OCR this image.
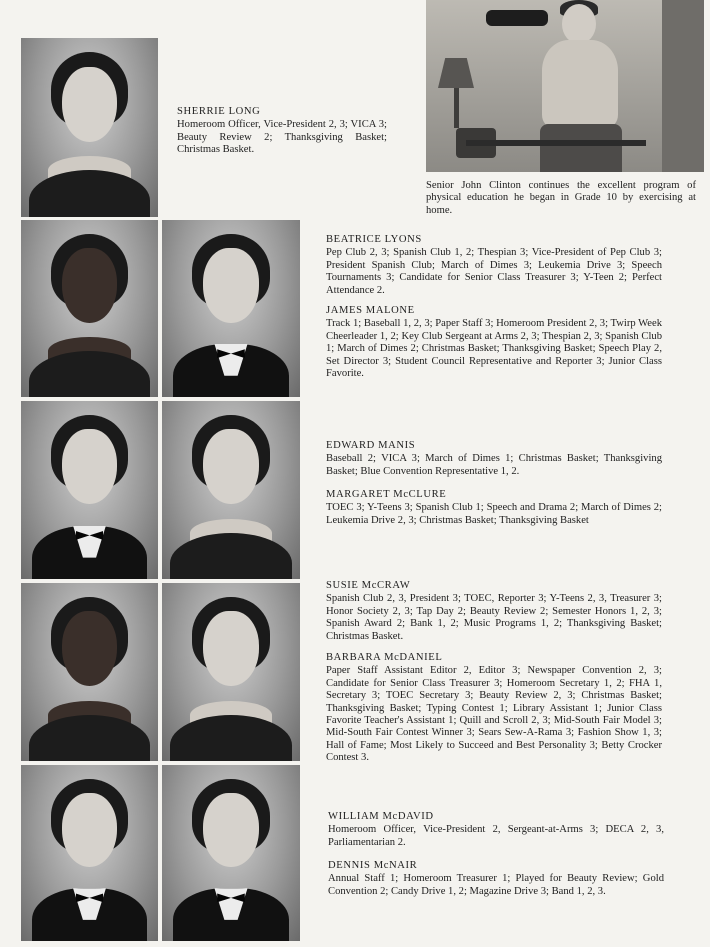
Senior John Clinton continues the excellent program of physical education he began in Grade 10 by exercising at home.
SHERRIE LONG
Homeroom Officer, Vice-President 2, 3; VICA 3; Beauty Review 2; Thanksgiving Basket; Christmas Basket.
BEATRICE LYONS
Pep Club 2, 3; Spanish Club 1, 2; Thespian 3; Vice-President of Pep Club 3; President Spanish Club; March of Dimes 3; Leukemia Drive 3; Speech Tournaments 3; Candidate for Senior Class Treasurer 3; Y-Teen 2; Perfect Attendance 2.
JAMES MALONE
Track 1; Baseball 1, 2, 3; Paper Staff 3; Homeroom President 2, 3; Twirp Week Cheerleader 1, 2; Key Club Sergeant at Arms 2, 3; Thespian 2, 3; Spanish Club 1; March of Dimes 2; Christmas Basket; Thanksgiving Basket; Speech Play 2, Set Director 3; Student Council Representative and Reporter 3; Junior Class Favorite.
EDWARD MANIS
Baseball 2; VICA 3; March of Dimes 1; Christmas Basket; Thanksgiving Basket; Blue Convention Representative 1, 2.
MARGARET McCLURE
TOEC 3; Y-Teens 3; Spanish Club 1; Speech and Drama 2; March of Dimes 2; Leukemia Drive 2, 3; Christmas Basket; Thanksgiving Basket
SUSIE McCRAW
Spanish Club 2, 3, President 3; TOEC, Reporter 3; Y-Teens 2, 3, Treasurer 3; Honor Society 2, 3; Tap Day 2; Beauty Review 2; Semester Honors 1, 2, 3; Spanish Award 2; Bank 1, 2; Music Programs 1, 2; Thanksgiving Basket; Christmas Basket.
BARBARA McDANIEL
Paper Staff Assistant Editor 2, Editor 3; Newspaper Convention 2, 3; Candidate for Senior Class Treasurer 3; Homeroom Secretary 1, 2; FHA 1, Secretary 3; TOEC Secretary 3; Beauty Review 2, 3; Christmas Basket; Thanksgiving Basket; Typing Contest 1; Library Assistant 1; Junior Class Favorite Teacher's Assistant 1; Quill and Scroll 2, 3; Mid-South Fair Model 3; Mid-South Fair Contest Winner 3; Sears Sew-A-Rama 3; Fashion Show 1, 3; Hall of Fame; Most Likely to Succeed and Best Personality 3; Betty Crocker Contest 3.
WILLIAM McDAVID
Homeroom Officer, Vice-President 2, Sergeant-at-Arms 3; DECA 2, 3, Parliamentarian 2.
DENNIS McNAIR
Annual Staff 1; Homeroom Treasurer 1; Played for Beauty Review; Gold Convention 2; Candy Drive 1, 2; Magazine Drive 3; Band 1, 2, 3.
